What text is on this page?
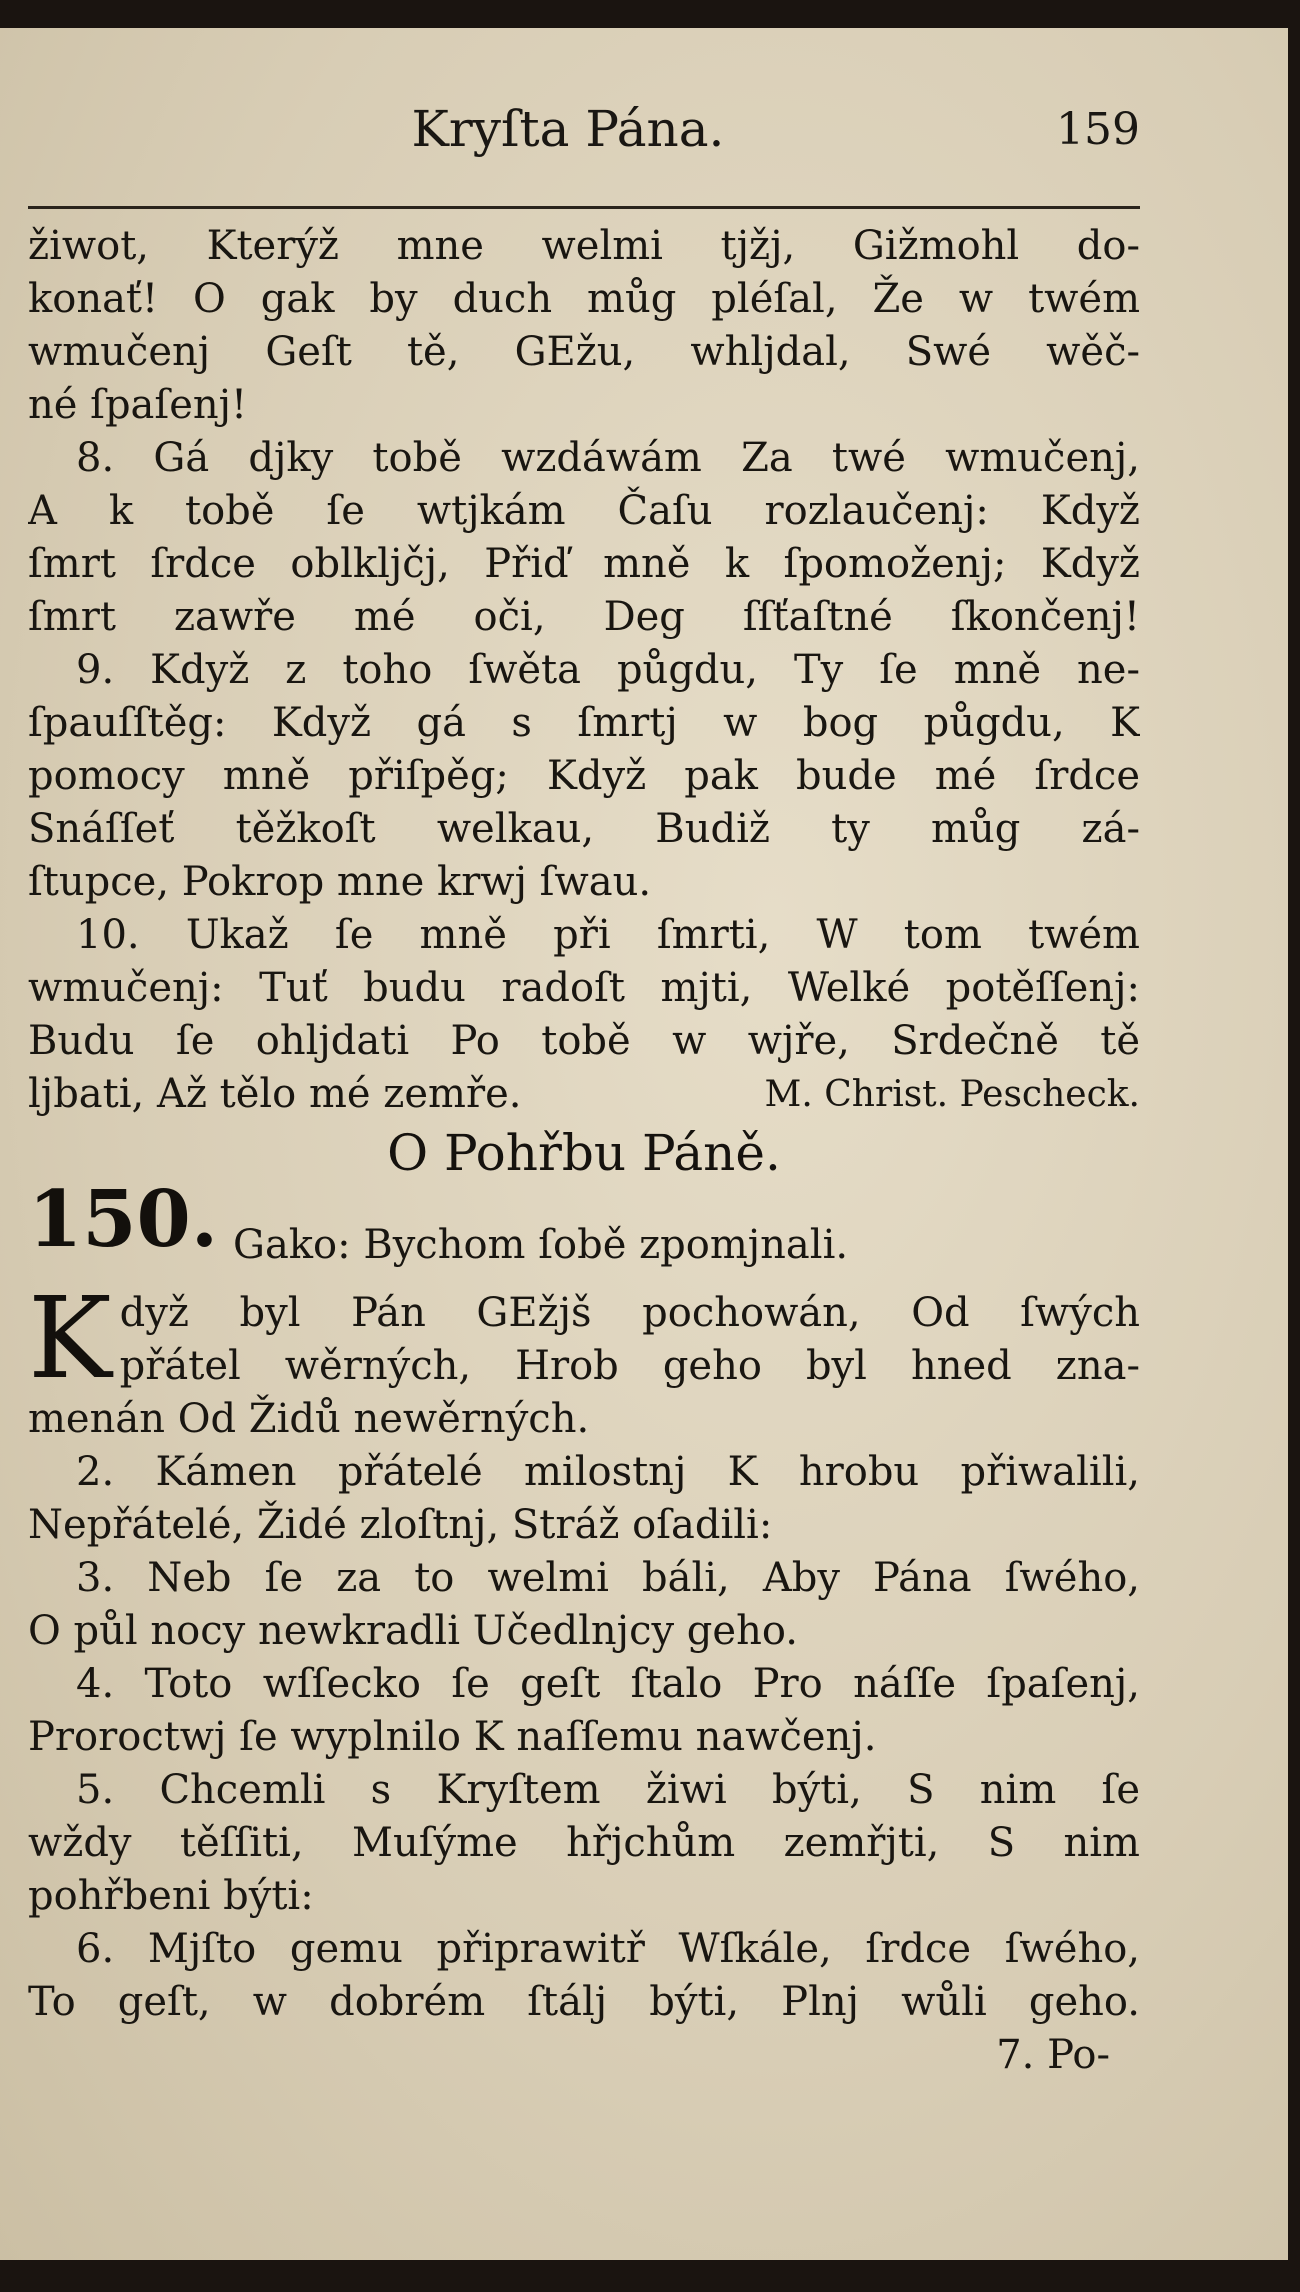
Kryſta Pána.	159
žiwot, Kterýž mne welmi tjžj, Gižmohl do-
konať! O gak by duch můg pléſal, Že w twém
wmučenj Geſt tě, GEžu, whljdal, Swé wěč-
né ſpaſenj!
8. Gá djky tobě wzdáwám Za twé wmučenj,
A k tobě ſe wtjkám Čaſu rozlaučenj: Když
ſmrt ſrdce oblkljčj, Přiď mně k ſpomoženj; Když
ſmrt zawře mé oči, Deg ſſťaſtné ſkončenj!
9. Když z toho ſwěta půgdu, Ty ſe mně ne-
ſpauſſtěg: Když gá s ſmrtj w bog půgdu, K
pomocy mně přiſpěg; Když pak bude mé ſrdce
Snáſſeť těžkoſt welkau, Budiž ty můg zá-
ſtupce, Pokrop mne krwj ſwau.
10. Ukaž ſe mně při ſmrti, W tom twém
wmučenj: Tuť budu radoſt mjti, Welké potěſſenj:
Budu ſe ohljdati Po tobě w wjře, Srdečně tě
ljbati, Až tělo mé zemře.	M. Christ. Pescheck.
O Pohřbu Páně.
150. Gako: Bychom ſobě zpomjnali.
K dyž byl Pán GEžjš pochowán, Od ſwých
přátel wěrných, Hrob geho byl hned zna-
menán Od Židů newěrných.
2. Kámen přátelé milostnj K hrobu přiwalili,
Nepřátelé, Židé zloſtnj, Stráž oſadili:
3. Neb ſe za to welmi báli, Aby Pána ſwého,
O půl nocy newkradli Učedlnjcy geho.
4. Toto wſſecko ſe geſt ſtalo Pro náſſe ſpaſenj,
Proroctwj ſe wyplnilo K naſſemu nawčenj.
5. Chcemli s Kryſtem žiwi býti, S nim ſe
wždy těſſiti, Muſýme hřjchům zemřjti, S nim
pohřbeni býti:
6. Mjſto gemu připrawitř Wſkále, ſrdce ſwého,
To geſt, w dobrém ſtálj býti, Plnj wůli geho.
7. Po-
